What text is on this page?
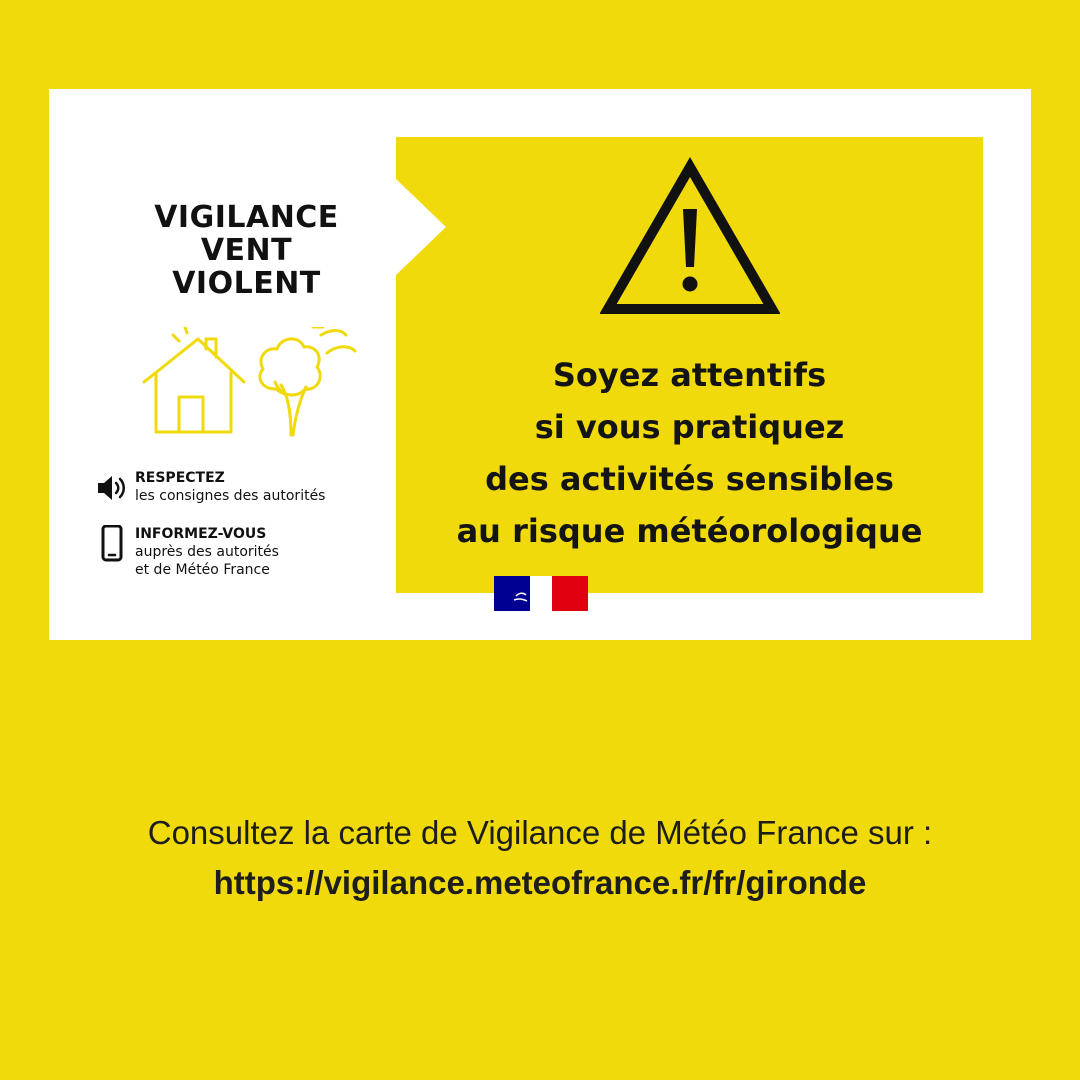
VIGILANCE
VENT
VIOLENT
RESPECTEZ
les consignes des autorités
INFORMEZ-VOUS
auprès des autorités
et de Météo France
Soyez attentifs
si vous pratiquez
des activités sensibles
au risque météorologique
Consultez la carte de Vigilance de Météo France sur :
https://vigilance.meteofrance.fr/fr/gironde
